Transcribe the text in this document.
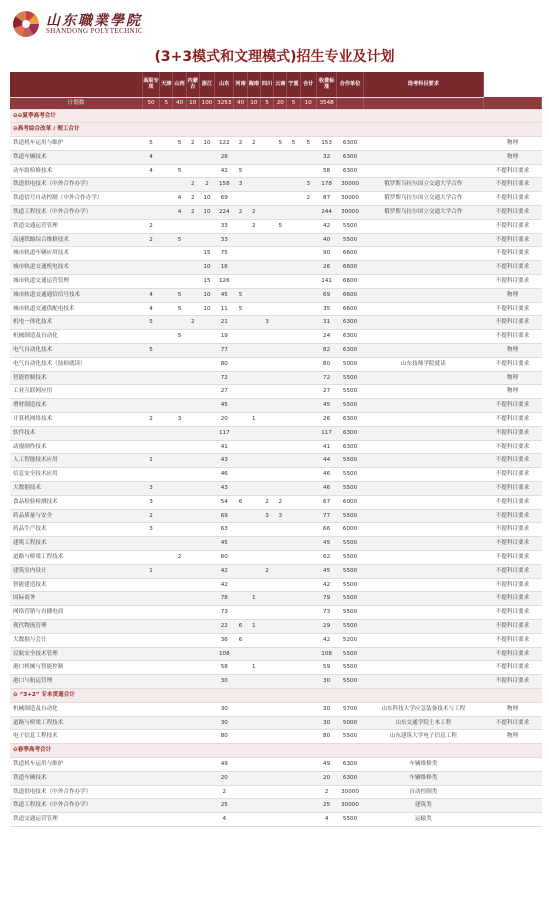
山东職業學院
SHANDONG POLYTECHNIC
(3+3模式和文理模式)招生专业及计划
	高职专项	天津	山西	内蒙古	浙江	山东	河南	海南	四川	云南	宁夏	合计	收费标准	合作单位	选考科目要求	
计划数	50	5	40	10	100	3253	40	10	5	20	5	10	3548			
⊖⊖夏季高考合计																
⊖高考综合改革 / 理工合计																
铁道机车运用与维护	5		5	2	10	122	2	2		5	5	5	153	6300		物理
铁道车辆技术	4					28							32	6300		物理
动车组检修技术	4		5			42	5						58	6300		不提科目要求
铁道供电技术（中外合作办学）				2	2	158	3					3	178	30000	俄罗斯乌拉尔国立交通大学合作	不提科目要求
铁道信号自动控制（中外合作办学）			4	2	10	69						2	87	30000	俄罗斯乌拉尔国立交通大学合作	不提科目要求
铁道工程技术（中外合作办学）			4	2	10	224	2	2					244	30000	俄罗斯乌拉尔国立交通大学合作	不提科目要求
铁道交通运营管理	2					33		2		5			42	5500		不提科目要求
高速铁路综合维修技术	2		5			33							40	5500		不提科目要求
城市轨道车辆应用技术					15	75							90	6600		不提科目要求
城市轨道交通机电技术					10	16							26	6600		不提科目要求
城市轨道交通运营管理					15	126							141	6600		不提科目要求
城市轨道交通通信信号技术	4		5		10	45	5						69	6600		物理
城市轨道交通供配电技术	4		5		10	11	5						35	6600		不提科目要求
机电一体化技术	5			2		21			3				31	6300		不提科目要求
机械制造及自动化			5			19							24	6300		不提科目要求
电气自动化技术	5					77							82	6300		物理
电气自动化技术（技师就读）						80							80	5000	山东技师学院就读	不提科目要求
智能控制技术						72							72	5500		物理
工业互联网应用						27							27	5500		物理
增材制造技术						45							45	5500		不提科目要求
计算机网络技术	2		3			20		1					26	6300		不提科目要求
软件技术						117							117	6300		不提科目要求
动漫制作技术						41							41	6300		不提科目要求
人工智能技术应用	1					43							44	5500		不提科目要求
信息安全技术应用						46							46	5500		不提科目要求
大数据技术	3					43							46	5500		不提科目要求
食品检验检测技术	3					54	6		2	2			67	6000		不提科目要求
药品质量与安全	2					69			3	3			77	5500		不提科目要求
药品生产技术	3					63							66	6000		不提科目要求
建筑工程技术						45							45	5500		不提科目要求
道路与桥梁工程技术			2			60							62	5500		不提科目要求
建筑室内设计	1					42			2				45	5500		不提科目要求
智能建造技术						42							42	5500		不提科目要求
国际商务						78		1					79	5500		不提科目要求
网络营销与直播电商						73							73	5500		不提科目要求
现代物流管理						22	6	1					29	5500		不提科目要求
大数据与会计						36	6						42	5200		不提科目要求
民航安全技术管理						108							108	5500		不提科目要求
港口机械与智能控制						58		1					59	5500		不提科目要求
港口与航运管理						30							30	5500		不提科目要求
⊖ “3+2” 专本贯通合计																
机械制造及自动化						30							30	5700	山东科技大学应急装备技术与工程	物理
道路与桥梁工程技术						30							30	5000	山东交通学院土木工程	不提科目要求
电子信息工程技术						80							80	5500	山东建筑大学电子信息工程	物理
⊖春季高考合计																
铁道机车运用与维护						49							49	6300	车辆维修类	
铁道车辆技术						20							20	6300	车辆维修类	
铁道供电技术（中外合作办学）						2							2	30000	自动控制类	
铁道工程技术（中外合作办学）						25							25	30000	建筑类	
铁道交通运营管理						4							4	5500	运输类	
